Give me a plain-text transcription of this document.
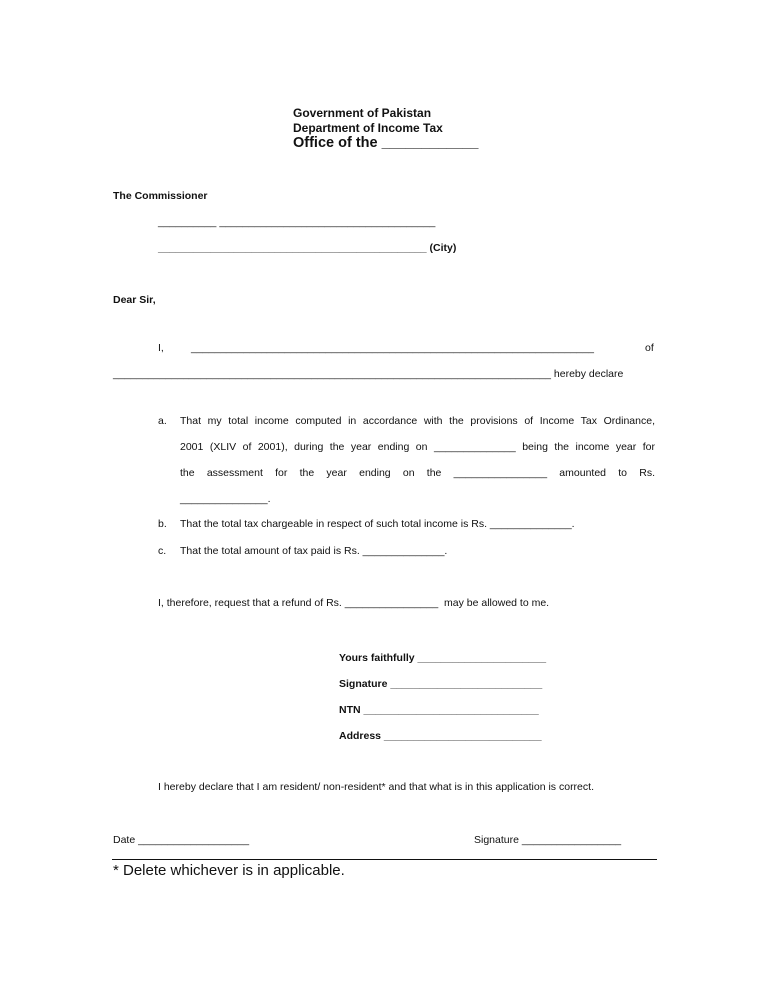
Government of Pakistan
Department of Income Tax
Office of the ____________
The Commissioner
__________ _____________________________________
______________________________________________ (City)
Dear Sir,
I,	_____________________________________________________________________	of
___________________________________________________________________________ hereby declare
a. That my total income computed in accordance with the provisions of Income Tax Ordinance,
2001 (XLIV of 2001), during the year ending on ______________ being the income year for
the assessment for the year ending on the ________________ amounted to Rs.
_______________.
b. That the total tax chargeable in respect of such total income is Rs. ______________.
c. That the total amount of tax paid is Rs. ______________.
I, therefore, request that a refund of Rs. ________________  may be allowed to me.
Yours faithfully ______________________
Signature __________________________
NTN ______________________________
Address ___________________________
I hereby declare that I am resident/ non-resident* and that what is in this application is correct.
Date ___________________	Signature _________________
* Delete whichever is in applicable.
